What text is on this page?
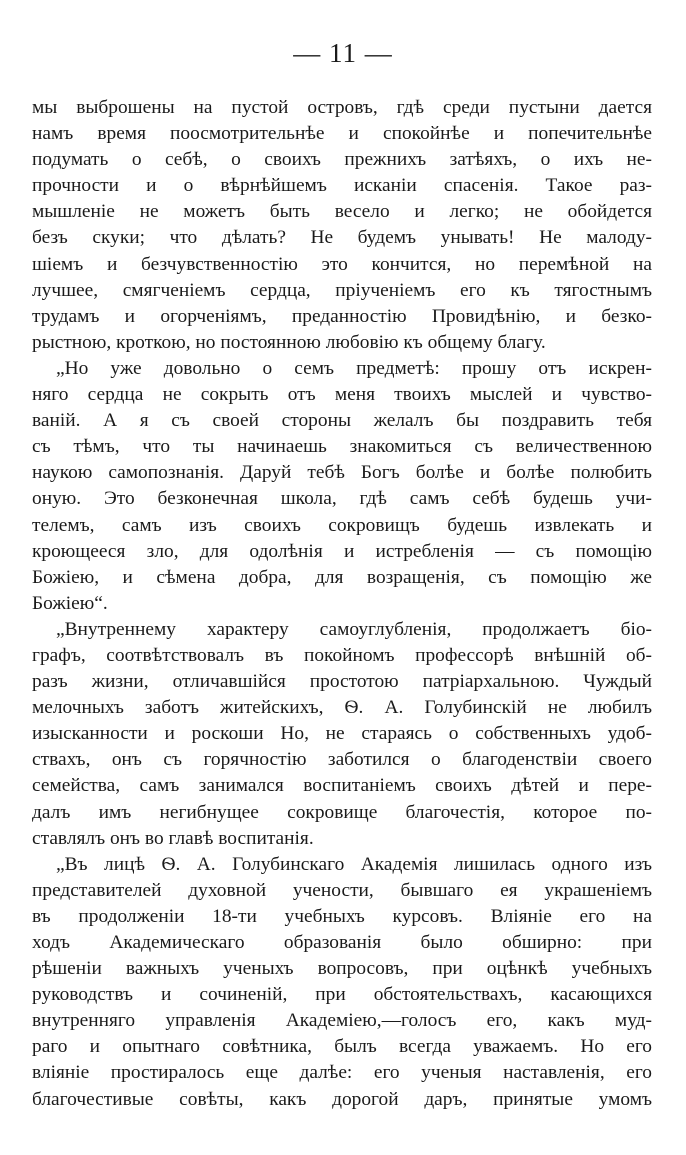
— 11 —
мы выброшены на пустой островъ, гдѣ среди пустыни дается
намъ время поосмотрительнѣе и спокойнѣе и попечительнѣе
подумать о себѣ, о своихъ прежнихъ затѣяхъ, о ихъ не-
прочности и о вѣрнѣйшемъ исканіи спасенія. Такое раз-
мышленіе не можетъ быть весело и легко; не обойдется
безъ скуки; что дѣлать? Не будемъ унывать! Не малоду-
шіемъ и безчувственностію это кончится, но перемѣной на
лучшее, смягченіемъ сердца, пріученіемъ его къ тягостнымъ
трудамъ и огорченіямъ, преданностію Провидѣнію, и безко-
рыстною, кроткою, но постоянною любовію къ общему благу.
„Но уже довольно о семъ предметѣ: прошу отъ искрен-
няго сердца не сокрыть отъ меня твоихъ мыслей и чувство-
ваній. А я съ своей стороны желалъ бы поздравить тебя
съ тѣмъ, что ты начинаешь знакомиться съ величественною
наукою самопознанія. Даруй тебѣ Богъ болѣе и болѣе полюбить
оную. Это безконечная школа, гдѣ самъ себѣ будешь учи-
телемъ, самъ изъ своихъ сокровищъ будешь извлекать и
кроющееся зло, для одолѣнія и истребленія — съ помощію
Божіею, и сѣмена добра, для возращенія, съ помощію же
Божіею“.
„Внутреннему характеру самоуглубленія, продолжаетъ біо-
графъ, соотвѣтствовалъ въ покойномъ профессорѣ внѣшній об-
разъ жизни, отличавшійся простотою патріархальною. Чуждый
мелочныхъ заботъ житейскихъ, Ѳ. А. Голубинскій не любилъ
изысканности и роскоши Но, не стараясь о собственныхъ удоб-
ствахъ, онъ съ горячностію заботился о благоденствіи своего
семейства, самъ занимался воспитаніемъ своихъ дѣтей и пере-
далъ имъ негибнущее сокровище благочестія, которое по-
ставлялъ онъ во главѣ воспитанія.
„Въ лицѣ Ѳ. А. Голубинскаго Академія лишилась одного изъ
представителей духовной учености, бывшаго ея украшеніемъ
въ продолженіи 18-ти учебныхъ курсовъ. Вліяніе его на
ходъ Академическаго образованія было обширно: при
рѣшеніи важныхъ ученыхъ вопросовъ, при оцѣнкѣ учебныхъ
руководствъ и сочиненій, при обстоятельствахъ, касающихся
внутренняго управленія Академіею,—голосъ его, какъ муд-
раго и опытнаго совѣтника, былъ всегда уважаемъ. Но его
вліяніе простиралось еще далѣе: его ученыя наставленія, его
благочестивые совѣты, какъ дорогой даръ, принятые умомъ
